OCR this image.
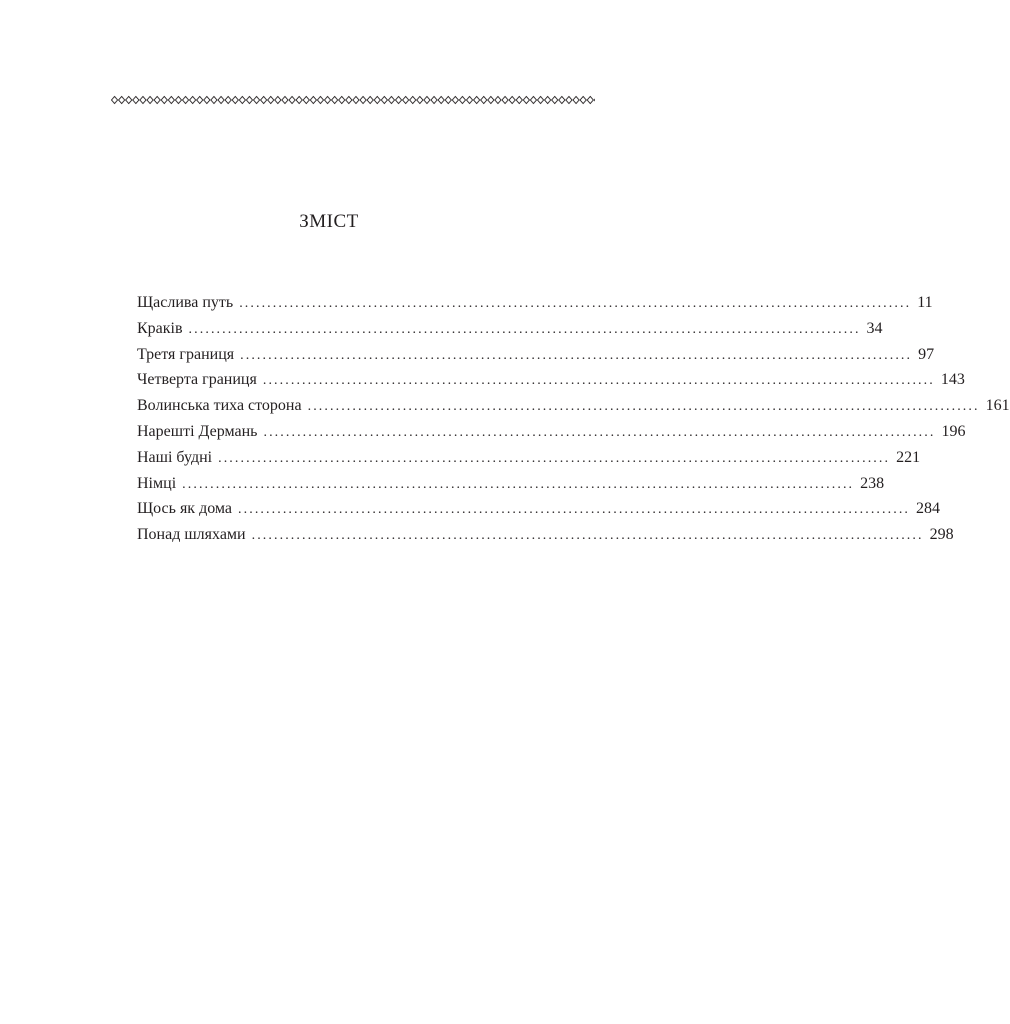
ЗМІСТ
Щаслива путь ........................................................................................................................ 11
Краків ........................................................................................................................ 34
Третя границя ........................................................................................................................ 97
Четверта границя ........................................................................................................................ 143
Волинська тиха сторона ........................................................................................................................ 161
Нарешті Дермань ........................................................................................................................ 196
Наші будні ........................................................................................................................ 221
Німці ........................................................................................................................ 238
Щось як дома ........................................................................................................................ 284
Понад шляхами ........................................................................................................................ 298
